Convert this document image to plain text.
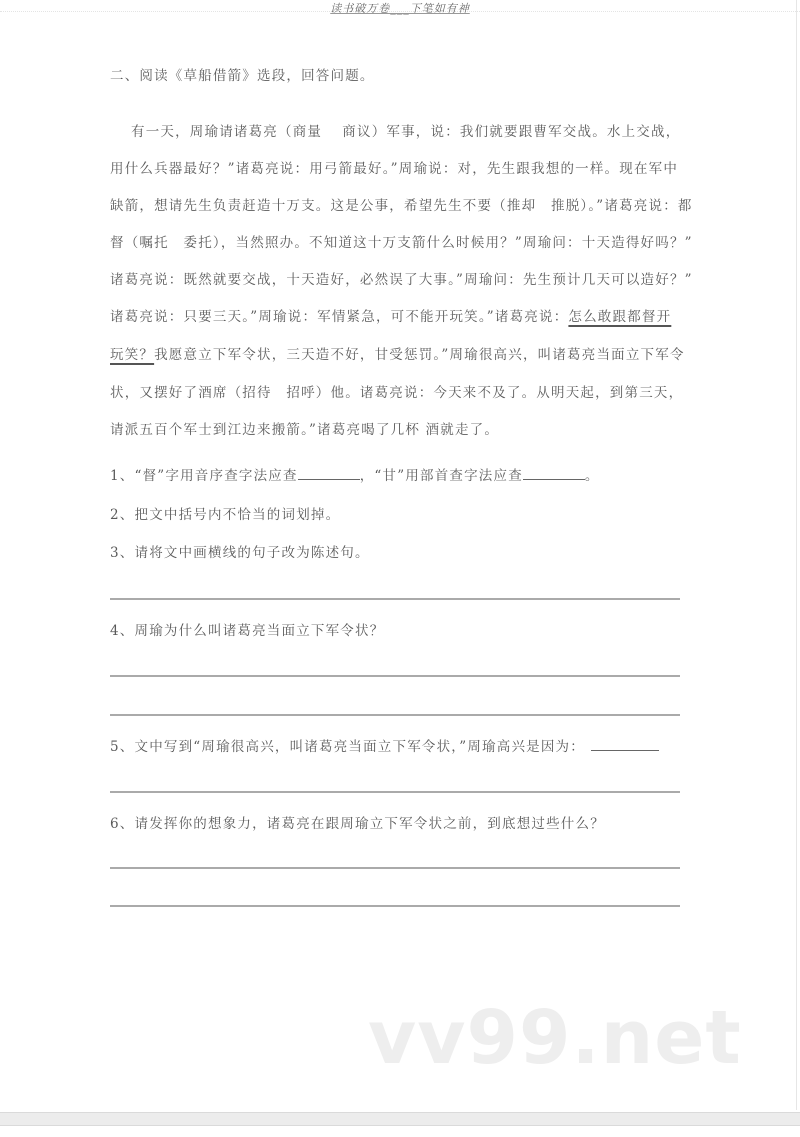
读书破万卷___下笔如有神
二、阅读《草船借箭》选段，回答问题。
有一天，周瑜请诸葛亮（商量　 商议）军事，说：我们就要跟曹军交战。水上交战，
用什么兵器最好？”诸葛亮说：用弓箭最好。”周瑜说：对，先生跟我想的一样。现在军中
缺箭，想请先生负责赶造十万支。这是公事，希望先生不要（推却　推脱）。”诸葛亮说：都
督（嘱托　委托），当然照办。不知道这十万支箭什么时候用？”周瑜问：十天造得好吗？”
诸葛亮说：既然就要交战，十天造好，必然误了大事。”周瑜问：先生预计几天可以造好？”
诸葛亮说：只要三天。”周瑜说：军情紧急，可不能开玩笑。”诸葛亮说：怎么敢跟都督开
玩笑？我愿意立下军令状，三天造不好，甘受惩罚。”周瑜很高兴，叫诸葛亮当面立下军令
状，又摆好了酒席（招待　招呼）他。诸葛亮说：今天来不及了。从明天起，到第三天，
请派五百个军士到江边来搬箭。”诸葛亮喝了几杯 酒就走了。
1、“督”字用音序查字法应查	，“甘”用部首查字法应查	。
2、把文中括号内不恰当的词划掉。
3、请将文中画横线的句子改为陈述句。
4、周瑜为什么叫诸葛亮当面立下军令状？
5、文中写到“周瑜很高兴，叫诸葛亮当面立下军令状，”周瑜高兴是因为：
6、请发挥你的想象力，诸葛亮在跟周瑜立下军令状之前，到底想过些什么？
vv99.net
